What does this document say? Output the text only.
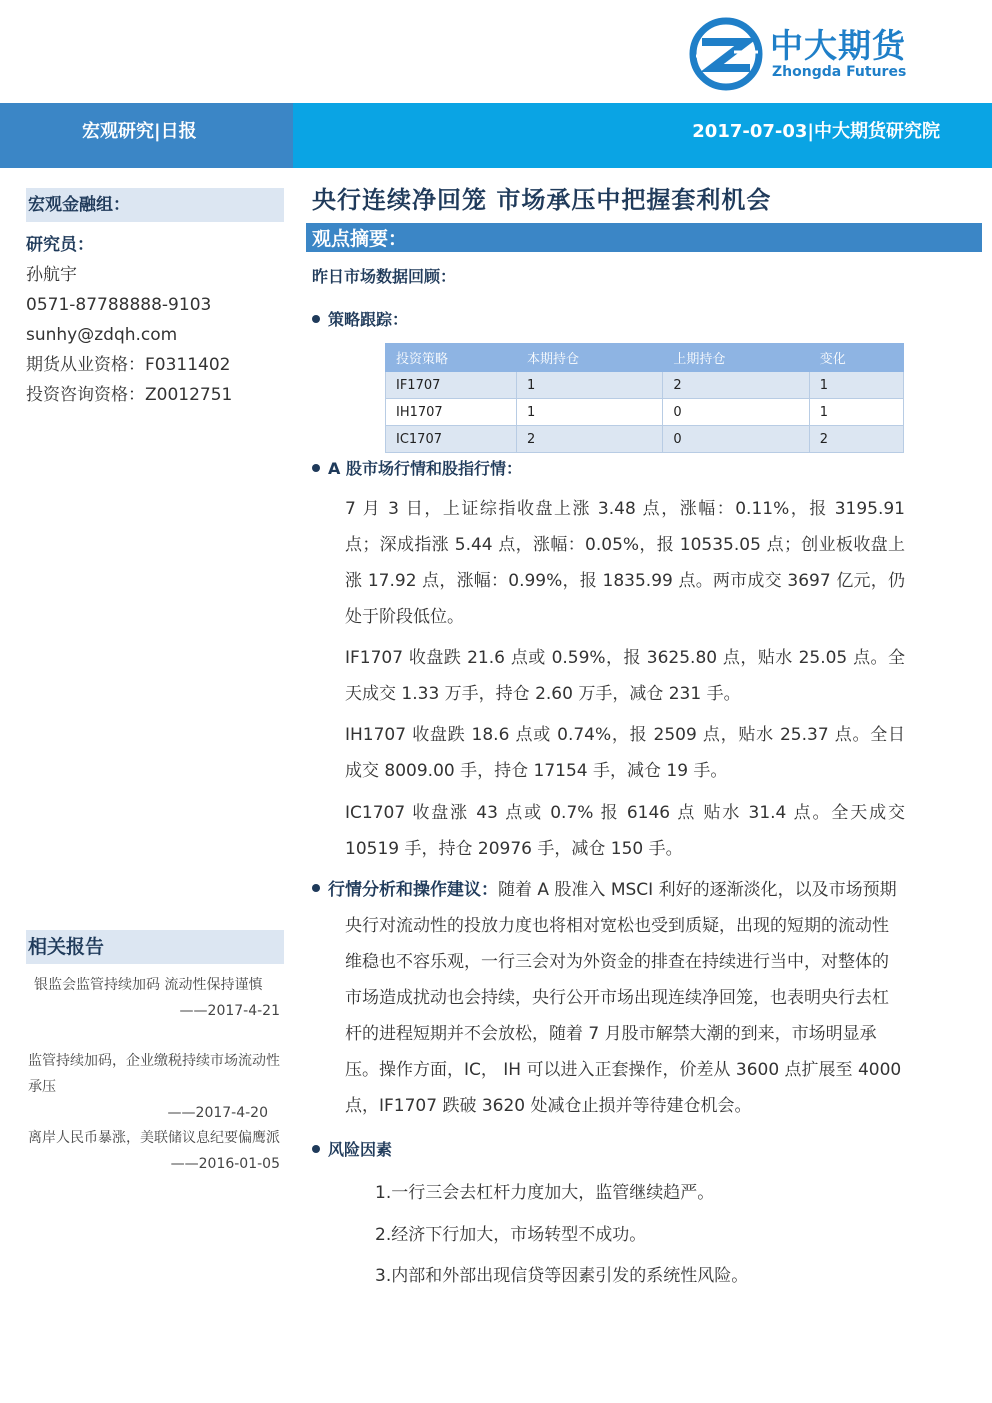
中大期货
Zhongda Futures
宏观研究|日报	2017-07-03|中大期货研究院
宏观金融组：
研究员：
孙航宇
0571-87788888-9103
sunhy@zdqh.com
期货从业资格：F0311402
投资咨询资格：Z0012751
相关报告
银监会监管持续加码 流动性保持谨慎
——2017-4-21
监管持续加码，企业缴税持续市场流动性承压
——2017-4-20
离岸人民币暴涨，美联储议息纪要偏鹰派
——2016-01-05
央行连续净回笼 市场承压中把握套利机会
观点摘要：
昨日市场数据回顾：
策略跟踪：
投资策略	本期持仓	上期持仓	变化
IF1707	1	2	1
IH1707	1	0	1
IC1707	2	0	2
A 股市场行情和股指行情：
7 月 3 日，上证综指收盘上涨 3.48 点，涨幅：0.11%，报 3195.91 点；深成指涨 5.44 点，涨幅：0.05%，报 10535.05 点；创业板收盘上涨 17.92 点，涨幅：0.99%，报 1835.99 点。两市成交 3697 亿元，仍处于阶段低位。
IF1707 收盘跌 21.6 点或 0.59%，报 3625.80 点，贴水 25.05 点。全天成交 1.33 万手，持仓 2.60 万手，减仓 231 手。
IH1707 收盘跌 18.6 点或 0.74%，报 2509 点，贴水 25.37 点。全日成交 8009.00 手，持仓 17154 手，减仓 19 手。
IC1707 收盘涨 43 点或 0.7% 报 6146 点 贴水 31.4 点。全天成交 10519 手，持仓 20976 手，减仓 150 手。
行情分析和操作建议：随着 A 股准入 MSCI 利好的逐渐淡化，以及市场预期央行对流动性的投放力度也将相对宽松也受到质疑，出现的短期的流动性维稳也不容乐观，一行三会对为外资金的排查在持续进行当中，对整体的市场造成扰动也会持续，央行公开市场出现连续净回笼，也表明央行去杠杆的进程短期并不会放松，随着 7 月股市解禁大潮的到来，市场明显承压。操作方面，IC， IH 可以进入正套操作，价差从 3600 点扩展至 4000 点，IF1707 跌破 3620 处减仓止损并等待建仓机会。
风险因素
1.一行三会去杠杆力度加大，监管继续趋严。
2.经济下行加大，市场转型不成功。
3.内部和外部出现信贷等因素引发的系统性风险。
